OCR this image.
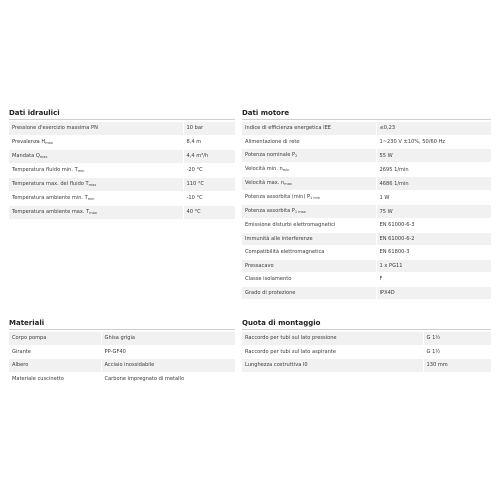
Dati idraulici
Pressione d'esercizio massima PN	10 bar
Prevalenza $H_{max}$	8,4 m
Mandata $Q_{max}$	4,4 m³/h
Temperatura fluido min. $T_{min}$	-20 °C
Temperatura max. del fluido $T_{max}$	110 °C
Temperatura ambiente min. $T_{min}$	-10 °C
Temperatura ambiente max. $T_{max}$	40 °C
Dati motore
Indice di efficienza energetica IEE	≤0,23
Alimentazione di rete	1~230 V ±10%, 50/60 Hz
Potenza nominale $P_2$	55 W
Velocità min. $n_{min}$	2695 1/min
Velocità max. $n_{max}$	4686 1/min
Potenza assorbita (min) $P_{1 min}$	1 W
Potenza assorbita $P_{1 max}$	75 W
Emissione disturbi elettromagnetici	EN 61000-6-3
Immunità alle interferenze	EN 61000-6-2
Compatibilità elettromagnetica	EN 61800-3
Pressacavo	1 x PG11
Classe isolamento	F
Grado di protezione	IPX4D
Materiali
Corpo pompa	Ghisa grigia
Girante	PP-GF40
Albero	Acciaio inossidabile
Materiale cuscinetto	Carbone impregnato di metallo
Quota di montaggio
Raccordo per tubi sul lato pressione	G 1½
Raccordo per tubi sul lato aspirante	G 1½
Lunghezza costruttiva l0	130 mm
